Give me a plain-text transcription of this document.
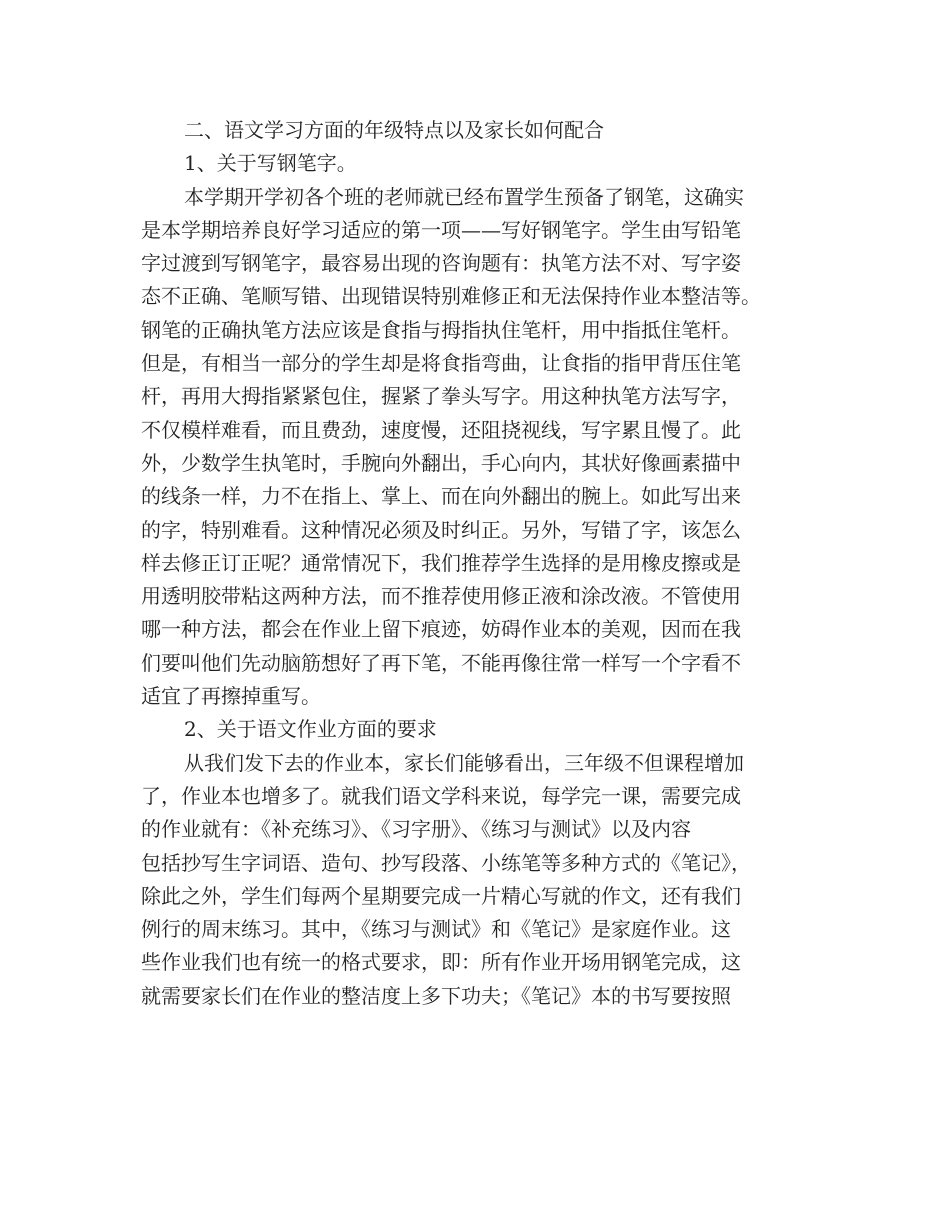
二、语文学习方面的年级特点以及家长如何配合
1、关于写钢笔字。
本学期开学初各个班的老师就已经布置学生预备了钢笔，这确实
是本学期培养良好学习适应的第一项——写好钢笔字。学生由写铅笔
字过渡到写钢笔字，最容易出现的咨询题有：执笔方法不对、写字姿
态不正确、笔顺写错、出现错误特别难修正和无法保持作业本整洁等。
钢笔的正确执笔方法应该是食指与拇指执住笔杆，用中指抵住笔杆。
但是，有相当一部分的学生却是将食指弯曲，让食指的指甲背压住笔
杆，再用大拇指紧紧包住，握紧了拳头写字。用这种执笔方法写字，
不仅模样难看，而且费劲，速度慢，还阻挠视线，写字累且慢了。此
外，少数学生执笔时，手腕向外翻出，手心向内，其状好像画素描中
的线条一样，力不在指上、掌上、而在向外翻出的腕上。如此写出来
的字，特别难看。这种情况必须及时纠正。另外，写错了字，该怎么
样去修正订正呢？通常情况下，我们推荐学生选择的是用橡皮擦或是
用透明胶带粘这两种方法，而不推荐使用修正液和涂改液。不管使用
哪一种方法，都会在作业上留下痕迹，妨碍作业本的美观，因而在我
们要叫他们先动脑筋想好了再下笔，不能再像往常一样写一个字看不
适宜了再擦掉重写。
2、关于语文作业方面的要求
从我们发下去的作业本，家长们能够看出，三年级不但课程增加
了，作业本也增多了。就我们语文学科来说，每学完一课，需要完成
的作业就有：《补充练习》、《习字册》、《练习与测试》以及内容
包括抄写生字词语、造句、抄写段落、小练笔等多种方式的《笔记》，
除此之外，学生们每两个星期要完成一片精心写就的作文，还有我们
例行的周末练习。其中，《练习与测试》和《笔记》是家庭作业。这
些作业我们也有统一的格式要求，即：所有作业开场用钢笔完成，这
就需要家长们在作业的整洁度上多下功夫；《笔记》本的书写要按照
